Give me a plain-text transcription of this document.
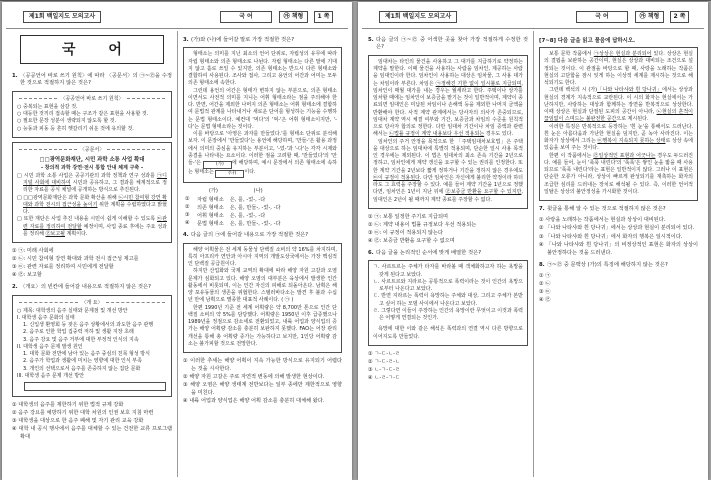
제1회 백일지도 모의고사	국 어	㉮ 책형	1 쪽
국 어
1. 〈공공언어 바로 쓰기 원칙〉에 따라 〈공문서〉의 ㉠~㉣을 수정한 것으로 적절하지 않은 것은?
〈공공언어 바로 쓰기 원칙〉
○ 중복되는 표현을 삼갈 것.
○ 대등한 것끼리 접속할 때는 구조가 같은 표현을 사용할 것.
○ 필요한 문장 성분이 생략되지 않도록 할 것.
○ 능동과 피동 등 흔히 헷갈리기 쉬운 것에 유의할 것.
〈공문서〉
□□광역문화재단, 시민 과학 소통 사업 확대
- 창의적 과학 강연·전시 통합 안내 체계 구축 -
□ 시민 과학 소통 사업은 공공기관의 과학 정책과 연구 성과를 ㉠디지털 사회에 대비하여 시민과 공유하고, 그 결과를 체계적으로 정리한 자료를 공식 채널에 공개하는 방식으로 추진된다.
□ □□광역문화재단은 과학 문화 확산을 위해 ㉡시민 참여형 강연 확대와 과학 전시의 접근성을 높이기 위한 계획을 수립하였다고 밝혔다.
□ 또한 재단은 사업 추진 내용을 시민이 쉽게 이해할 수 있도록 ㉢관련 자료를 정리하여 전달할 예정이며, 사업 종료 후에는 주요 성과를 정리해 ㉣보고될 계획이다.
① ㉠: 미래 사회에
② ㉡: 시민 참여형 강연 확대와 과학 전시 접근성 제고를
③ ㉢: 관련 자료를 정리하여 시민에게 전달할
④ ㉣: 보고할
2. 〈개요〉의 빈칸에 들어갈 내용으로 적절하지 않은 것은?
〈개 요〉
○ 제목: 대학생의 음주 실태와 문제점 및 개선 방안
I. 대학생 음주 문화의 실태
1. 신입생 환영회 등 잦은 음주 상황에서의 과도한 음주 관행
2. 음주로 인한 학업 집중력 저하 및 생활 지장 초래
3. 음주 강요 및 음주 거부에 대한 부정적 인식의 지속
II. 대학생 음주 문제 발생 원인
1. 대학 문화 전반에 남아 있는 음주 중심의 친목 형성 방식
2. 음주가 학업과 생활에 미치는 영향에 대한 인식 부족
3. 개인의 선택으로서 음주를 존중하지 않는 집단 문화
III. 대학생 음주 문제 개선 방안
① 대학생의 음주를 제한하기 위한 법적 규제 강화
② 음주 강요를 예방하기 위한 대학 차원의 인권 보호 지침 마련
③ 대학생을 대상으로 한 음주 폐해 및 자기 관리 교육 강화
④ 대학 내 공식 행사에서 음주를 대체할 수 있는 건전한 교류 프로그램 확대
3. (가)와 (나)에 들어갈 말로 가장 적절한 것은?
형태소는 의미를 지닌 최소의 언어 단위로, 자립성의 유무에 따라 자립 형태소와 의존 형태소로 나뉜다. 자립 형태소는 다른 말에 기대지 않고 홀로 쓰일 수 있지만, 의존 형태소는 반드시 다른 형태소와 결합하여 사용된다. 조사와 접사, 그리고 용언의 어간과 어미는 모두 의존 형태소에 속한다.
그런데 용언의 어간은 형태가 변하지 않는 부분으로, 의존 형태소이면서도 사전적 의미를 지니는 어휘 형태소라는 점을 주의해야 한다. 반면, 어간을 제외한 나머지 의존 형태소는 어휘 형태소에 결합하여 문법적 관계를 나타내거나 새로운 단어를 형성하는 기능을 수행하는 문법 형태소이다. 예컨대 '먹다'의 '먹-'은 어휘 형태소이지만, '-다'는 문법 형태소라는 것이다.
이를 바탕으로 '아영은 과자를 만들었다.'를 형태소 단위로 분석해 보자. 이 문장에서 '만들었다'는 용언에 해당하며, '만들-'은 활용 과정에서 의미의 중심을 유지하는 부분이고, '-었-'과 '-다'는 각각 시제와 종결을 나타내는 요소이다. 이러한 점을 고려할 때, '만들었다'의 '만들-'은	(가) 에 해당하며, 예시 문장에서 의존 형태소에 속하는 형태소는	(나) 이다.
	(가)	(나)
①	자립 형태소	은, 를, -었-, -다
②	의존 형태소	은, 를, 만들-, -었-, -다
③	어휘 형태소	은, 를, -었-, -다
④	문법 형태소	은, 를, 만들-, -었-, -다
4. 다음 글의 ㉠에 들어갈 내용으로 가장 적절한 것은?
해양 어획물은 전 세계 동물성 단백질 소비의 약 16%를 차지하며, 특히 아프리카 연안과 아시아 지역의 개발도상국에서는 가장 핵심적인 단백질 공급원이다.
하지만 산업화와 국제 교역의 확대에 따라 해양 자원 고갈과 오염 문제가 심화되고 있다. 해양 오염의 대부분은 육상에서 발생한 인간 활동에서 비롯되며, 이는 인간 자신의 피해로 되돌아온다. 남획은 해양 포유동물의 생존을 위협한다. 스텔러바다소는 발견 후 불과 수십 년 만에 남획으로 멸종한 대표적 사례이다. ( ㉠ )
한편 1990년 기준 전 세계 어획량은 약 8,700만 톤으로 인간 단백질 소비의 약 5%를 담당했다. 어획량은 1950년 이후 급증했으나 1989년을 정점으로 감소세로 전환되었고, 내륙 어업과 양식업의 증가는 해양 어획량 감소를 충분히 보완하지 못했다. FAO는 어장 관리 개선을 통해 총 어획량 증가는 가능하다고 보지만, 1인당 어획량 감소는 불가피할 것으로 전망한다.
① 이러한 추세는 해양 어획이 지속 가능한 방식으로 유지되기 어렵다는 것을 시사한다.
② 해양 자원 고갈은 주로 자연적 변동에 의해 발생한 현상이다.
③ 해양 오염은 해양 생태계 전반보다는 일부 종에만 제한적으로 영향을 미친다.
④ 내륙 어업과 양식업은 해양 어획 감소를 충분히 대체해 왔다.
제1회 백일지도 모의고사	국 어	㉮ 책형	2 쪽
5. 다음 글의 ㉠~㉣ 중 어색한 곳을 찾아 가장 적절하게 수정한 것은?
임대차는 타인의 물건을 사용하고 그 대가를 지급하기로 약정하는 계약을 말한다. 이때 물건을 사용하는 사람을 임차인, 제공하는 사람을 임대인이라 한다. 임차인이 사용하는 대상은 임차물, 그 사용 대가는 차임이라 부른다. 차임은 ㉠정해진 기한 없이 일시불로 지급되며, 임차인이 매월 대가를 내는 경우는 월세라고 한다. 주택이나 상가를 임차할 때에는 임차인이 보증금을 맡기는 것이 일반적이며, 계약이 종료되면 임대인은 미납된 차임이나 손해액 등을 제외한 나머지 금액을 반환해야 한다. 사적 계약 관계에서는 당사자의 의사가 존중되므로, 임대차 계약 역시 체결 여부와 기간, 보증금과 차임의 수준을 원칙적으로 당사자 합의로 정한다. 다만 임대차 기간이나 차임 증액과 관련해서는 ㉡법률 규정이 계약 내용보다 우선 적용되는 경우도 있다.
임차인의 주거 안정을 목적으로 한 「주택임대차보호법」은 주택을 대상으로 하는 임대차에 특별히 적용되며, 단순한 일시 사용 목적인 경우에는 제외된다. 이 법은 임대차의 최소 존속 기간을 2년으로 정하고, 임차인에게 계약 갱신을 요구할 수 있는 권리를 인정한다. 또한 계약 기간을 2년보다 짧게 정하거나 기간을 정하지 않은 경우에도 ㉢이 규정이 적용된다. 다만 임차인은 자신에게 불리한 약정이라 하더라도 그 효력을 주장할 수 있다. 예를 들어 계약 기간을 1년으로 정했다면, 임차인은 1년이 지난 뒤에 ㉣보증금 반환을 요구할 수 있지만, 임대인은 2년이 될 때까지 계약 종료를 주장할 수 없다.
① ㉠: 보통 일정한 주기로 지급되며
② ㉡: 계약 내용이 법률 규정보다 우선 적용되는
③ ㉢: 이 규정이 적용되지 않는다
④ ㉣: 보증금 반환을 요구할 수 없으며
6. 다음 글을 논리적인 순서에 맞게 배열한 것은?
ㄱ. 사르트르는 주체가 타자를 바라볼 때 객체화하고자 하는 욕망을 갖게 된다고 보았다.
ㄴ. 사르트르와 지라르는 공통적으로 폭력이라는 것이 인간의 욕망으로부터 나온다고 보았다.
ㄷ. 반면 지라르는 폭력이 욕망하는 주체와 대상, 그리고 주체가 본받고 싶어 하는 모델 사이에서 나온다고 보았다.
ㄹ. 그렇다면 이들이 주장하는 인간의 욕망이란 무엇이고 이것과 폭력은 어떻게 연결되는 것인가.
욕망에 대한 이와 같은 해석은 폭력과의 연결 역시 다른 방향으로 이어지도록 만들었다.
① ㄱ-ㄷ-ㄴ-ㄹ
② ㄱ-ㄷ-ㄹ-ㄴ
③ ㄴ-ㄱ-ㄷ-ㄹ
④ ㄴ-ㄹ-ㄱ-ㄷ
[7~8] 다음 글을 읽고 물음에 답하시오.
보통 문학 작품에서 ㉠상상은 현실과 분리되어 있다. 상상은 현실의 결핍을 보완하는 공간이며, 현실은 상상과 대비되는 조건으로 설정되는 것이다. 이 관점을 바탕으로 할 때, 사랑을 노래하는 작품은 현실의 고단함을 잠시 잊게 하는 이상적 세계를 제시하는 것으로 해석되기도 한다.
그런데 백석의 시 (가)「나와 나타샤와 흰 당나귀」에서는 상상과 현실의 경계가 지속적으로 교란된다. 이 시의 화자는 현실에서는 가난하지만, 사랑하는 대상과 함께하는 장면을 반복적으로 상상한다. 이때 상상은 현실과 단절된 도피의 공간이 아니라, ㉡현실의 흔적이 끊임없이 스며드는 불완전한 공간으로 제시된다.
이러한 특징은 반복적으로 등장하는 '흰 눈'을 통해서도 드러난다. 흰 눈은 아름다움과 가난한 현실을 덮지만, 곧 녹아 사라진다. 이는 화자가 상상에서 그리는 ㉢행복이 지속되지 못하는 상태로 상상 속에 있음을 보여 주는 것이다.
한편 이 작품에서는 ㉣일상적인 표현과 어긋나는 경우도 두드러진다. 예를 들어, 눈이 '푹푹 내린다'의 '푹푹'은 쌓인 눈을 밟을 때 사용되므로 '푹푹 내린다'라는 표현은 일반적이지 않다. 그러나 이 표현은 단순한 오류가 아니라, 상상이 빠르게 완성되기를 재촉하는 화자의 조급한 심리를 드러내는 장치로 해석될 수 있다. 즉, 이러한 언어적 일탈은 상상의 불안정성을 가시화한 것이다.
7. 윗글을 통해 알 수 있는 것으로 적절하지 않은 것은?
① 사랑을 노래하는 작품에서는 현실과 상상이 대비된다.
② 「나와 나타샤와 흰 당나귀」에서는 상상과 현실이 분리되어 있다.
③ 「나와 나타샤와 흰 당나귀」에서 화자의 행복은 일시적이다.
④ 「나와 나타샤와 흰 당나귀」의 비정상적인 표현은 화자의 상상이 불안정하다는 것을 드러낸다.
8. ㉠~㉣ 중 문맥상 (가)의 특징에 해당하지 않는 것은?
① ㉠
② ㉡
③ ㉢
④ ㉣
